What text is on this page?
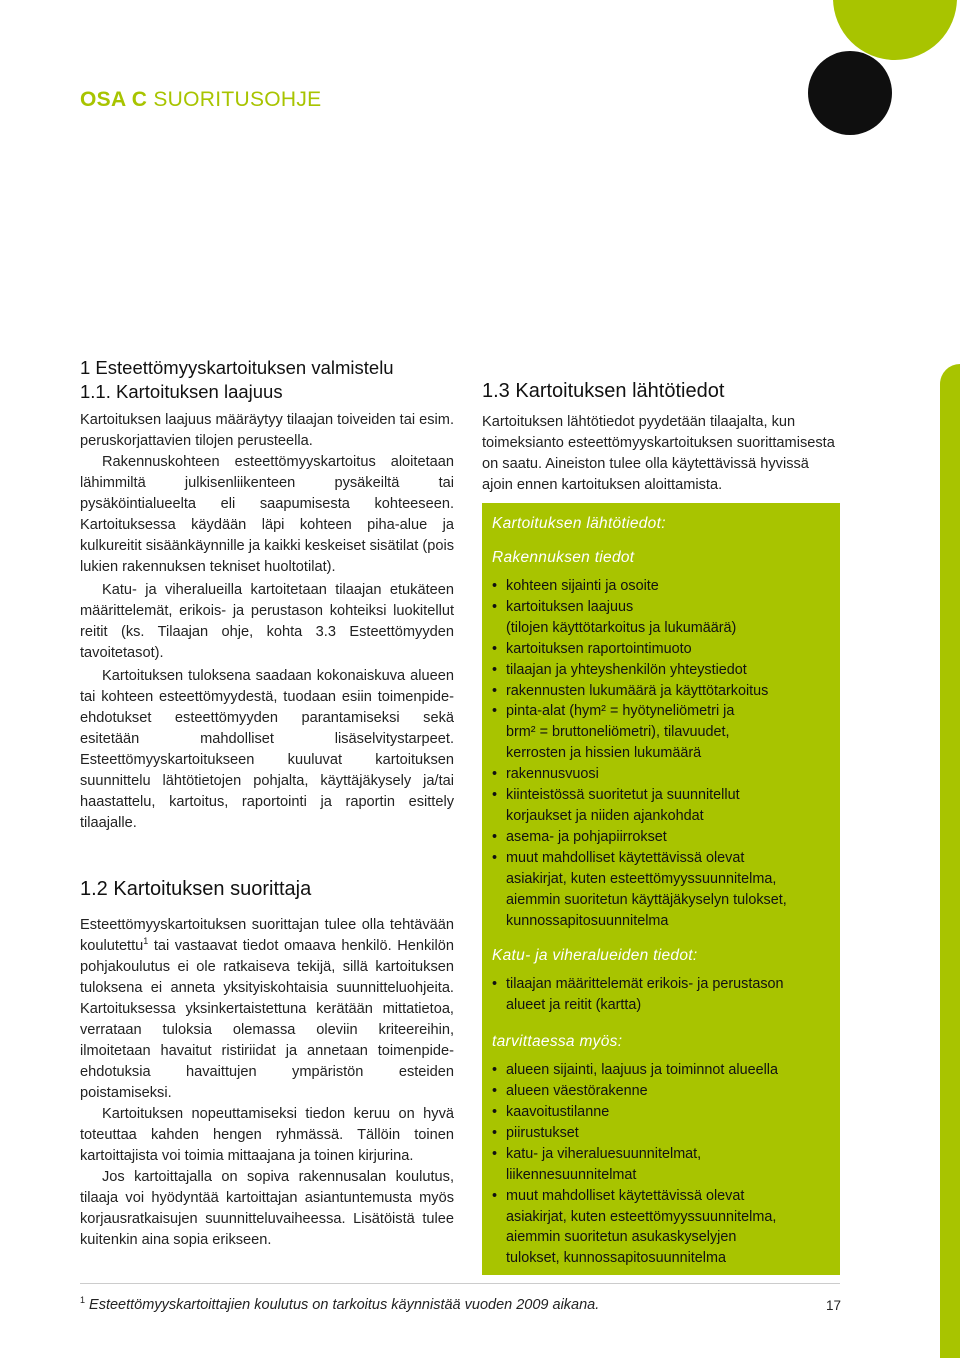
OSA C SUORITUSOHJE
1 Esteettömyyskartoituksen valmistelu
1.1. Kartoituksen laajuus

Kartoituksen laajuus määräytyy tilaajan toiveiden tai esim. peruskorjattavien tilojen perusteella.

Rakennuskohteen esteettömyyskartoitus aloitetaan lähimmiltä julkisenliikenteen pysäkeiltä tai pysäköintialueelta eli saapumisesta kohteeseen. Kartoituksessa käydään läpi kohteen piha-alue ja kulkureitit sisäänkäynnille ja kaikki keskeiset sisätilat (pois lukien rakennuksen tekniset huoltotilat).

Katu- ja viheralueilla kartoitetaan tilaajan etukäteen määrittelemät, erikois- ja perustason kohteiksi luokitellut reitit (ks. Tilaajan ohje, kohta 3.3 Esteettömyyden tavoitetasot).

Kartoituksen tuloksena saadaan kokonaiskuva alueen tai kohteen esteettömyydestä, tuodaan esiin toimenpide-ehdotukset esteettömyyden parantamiseksi sekä esitetään mahdolliset lisäselvitystarpeet. Esteettömyyskartoitukseen kuuluvat kartoituksen suunnittelu lähtötietojen pohjalta, käyttäjäkysely ja/tai haastattelu, kartoitus, raportointi ja raportin esittely tilaajalle.

1.2 Kartoituksen suorittaja

Esteettömyyskartoituksen suorittajan tulee olla tehtävään koulutettu$^1$ tai vastaavat tiedot omaava henkilö. Henkilön pohjakoulutus ei ole ratkaiseva tekijä, sillä kartoituksen tuloksena ei anneta yksityiskohtaisia suunnitteluohjeita. Kartoituksessa yksinkertaistettuna kerätään mittatietoa, verrataan tuloksia olemassa oleviin kriteereihin, ilmoitetaan havaitut ristiriidat ja annetaan toimenpide-ehdotuksia havaittujen ympäristön esteiden poistamiseksi.

Kartoituksen nopeuttamiseksi tiedon keruu on hyvä toteuttaa kahden hengen ryhmässä. Tällöin toinen kartoittajista voi toimia mittaajana ja toinen kirjurina.

Jos kartoittajalla on sopiva rakennusalan koulutus, tilaaja voi hyödyntää kartoittajan asiantuntemusta myös korjausratkaisujen suunnitteluvaiheessa. Lisätöistä tulee kuitenkin aina sopia erikseen.

1.3 Kartoituksen lähtötiedot
Kartoituksen lähtötiedot pyydetään tilaajalta, kun toimeksianto esteettömyyskartoituksen suorittamisesta on saatu. Aineiston tulee olla käytettävissä hyvissä ajoin ennen kartoituksen aloittamista.
Kartoituksen lähtötiedot:
Rakennuksen tiedot
• kohteen sijainti ja osoite
• kartoituksen laajuus
(tilojen käyttötarkoitus ja lukumäärä)
• kartoituksen raportointimuoto
• tilaajan ja yhteyshenkilön yhteystiedot
• rakennusten lukumäärä ja käyttötarkoitus
• pinta-alat (hym² = hyötyneliömetri ja
brm² = bruttoneliömetri), tilavuudet,
kerrosten ja hissien lukumäärä
• rakennusvuosi
• kiinteistössä suoritetut ja suunnitellut
korjaukset ja niiden ajankohdat
• asema- ja pohjapiirrokset
• muut mahdolliset käytettävissä olevat
asiakirjat, kuten esteettömyyssuunnitelma,
aiemmin suoritetun käyttäjäkyselyn tulokset,
kunnossapitosuunnitelma
Katu- ja viheralueiden tiedot:
• tilaajan määrittelemät erikois- ja perustason
alueet ja reitit (kartta)
tarvittaessa myös:
• alueen sijainti, laajuus ja toiminnot alueella
• alueen väestörakenne
• kaavoitustilanne
• piirustukset
• katu- ja viheraluesuunnitelmat,
liikennesuunnitelmat
• muut mahdolliset käytettävissä olevat
asiakirjat, kuten esteettömyyssuunnitelma,
aiemmin suoritetun asukaskyselyjen
tulokset, kunnossapitosuunnitelma
$^1$ Esteettömyyskartoittajien koulutus on tarkoitus käynnistää vuoden 2009 aikana.	17
